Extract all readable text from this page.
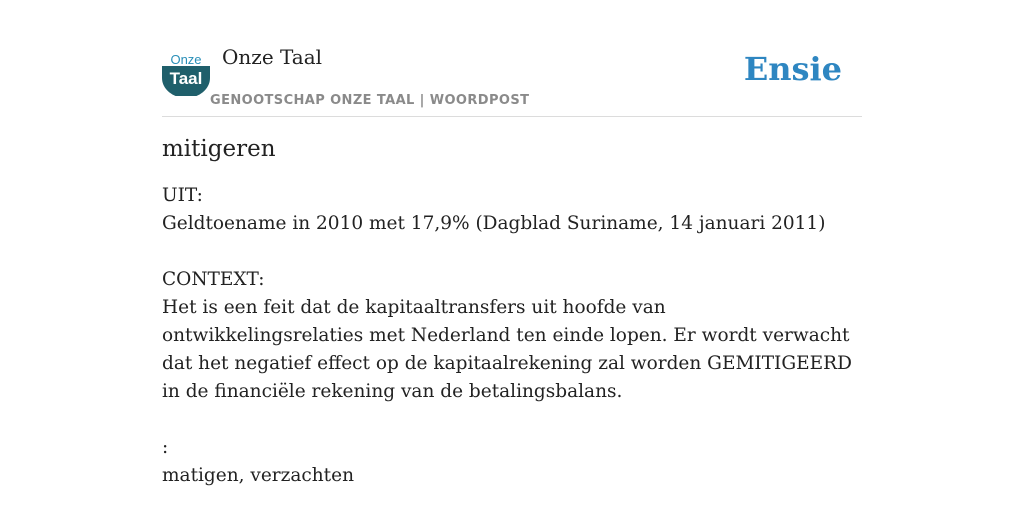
Onze
Taal
Onze Taal
GENOOTSCHAP ONZE TAAL | WOORDPOST
Ensie
mitigeren

UIT:

Geldtoename in 2010 met 17,9% (Dagblad Suriname, 14 januari 2011)

CONTEXT:

Het is een feit dat de kapitaaltransfers uit hoofde van ontwikkelingsrelaties met Nederland ten einde lopen. Er wordt verwacht dat het negatief effect op de kapitaalrekening zal worden GEMITIGEERD in de financiële rekening van de betalingsbalans.

:

matigen, verzachten
